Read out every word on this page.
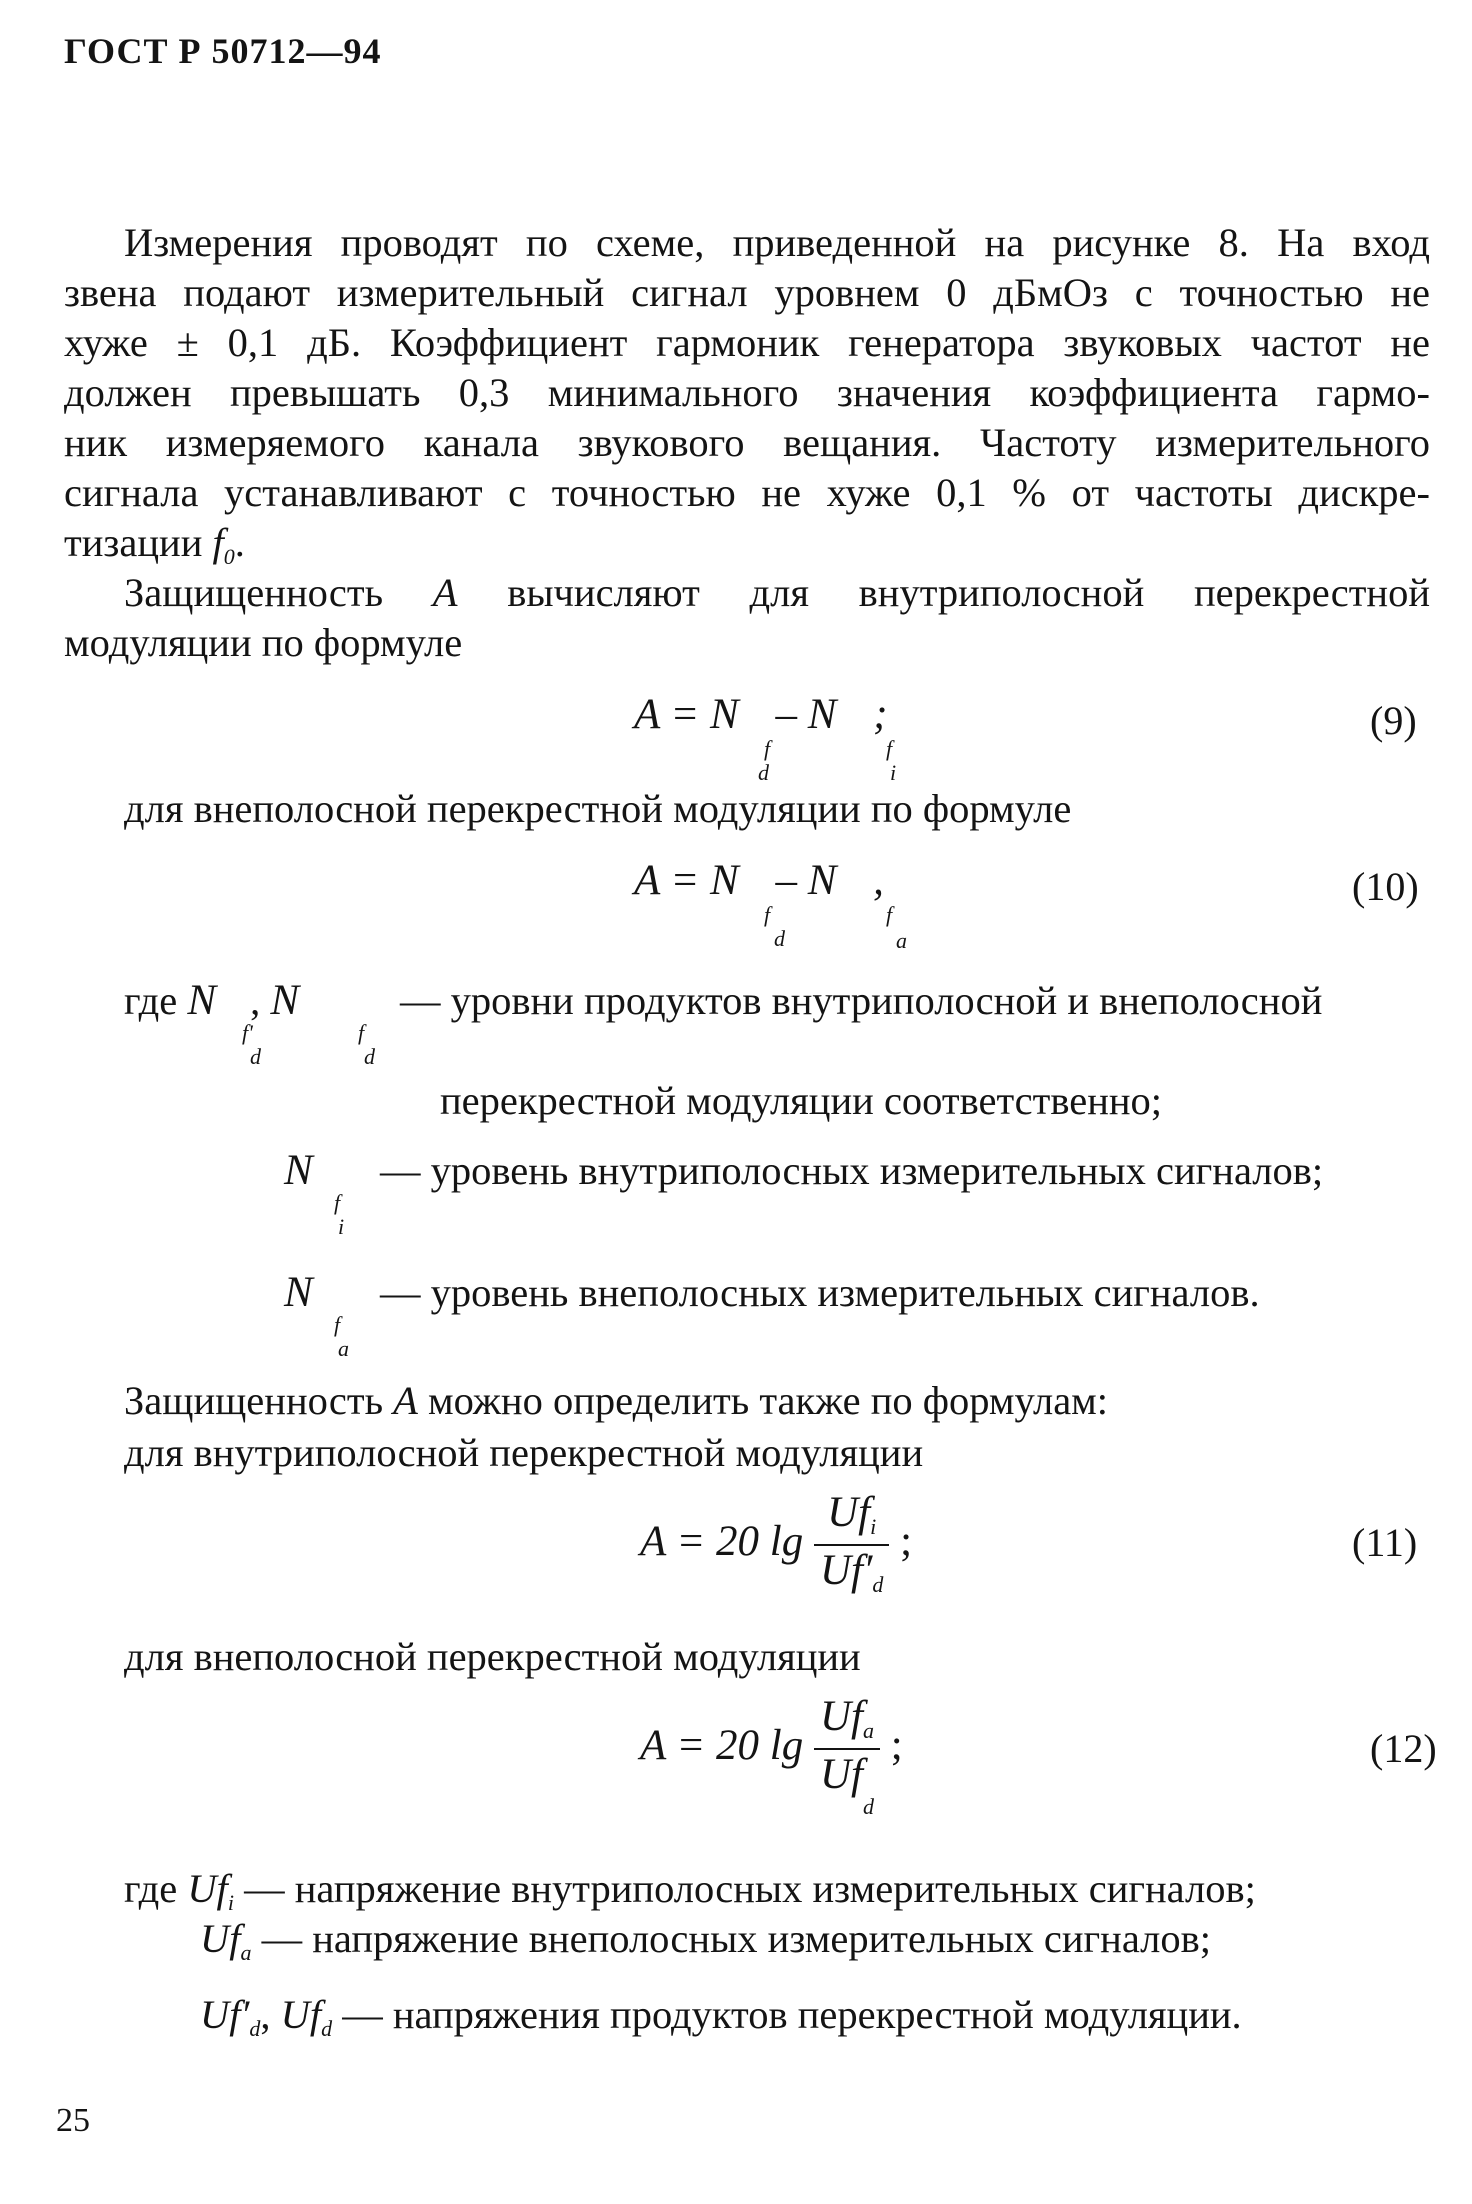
ГОСТ Р 50712—94
Измерения проводят по схеме, приведенной на рисунке 8. На вход
звена подают измерительный сигнал уровнем 0 дБмОз с точностью не
хуже ± 0,1 дБ. Коэффициент гармоник генератора звуковых частот не
должен превышать 0,3 минимального значения коэффициента гармо-
ник измеряемого канала звукового вещания. Частоту измерительного
сигнала устанавливают с точностью не хуже 0,1 % от частоты дискре-
тизации f0.
Защищенность A вычисляют для внутриполосной перекрестной
модуляции по формуле
A = N – N ;
f
d
f
i
(9)
для внеполосной перекрестной модуляции по формуле
A = N – N ,
f
d
f
a
(10)
где N , N
f'
d
f
d
— уровни продуктов внутриполосной и внеполосной
перекрестной модуляции соответственно;
N
f
i
— уровень внутриполосных измерительных сигналов;
N
f
a
— уровень внеполосных измерительных сигналов.
Защищенность A можно определить также по формулам:
для внутриполосной перекрестной модуляции
A = 20 $\lg \frac{\text{Ufi}}{Uf'd}$ ;	(11)
для внеполосной перекрестной модуляции
A = 20 $\lg \frac{\text{Ufa}}{Uf_d}$ ;	(12)
где Ufi — напряжение внутриполосных измерительных сигналов;
Ufa — напряжение внеполосных измерительных сигналов;
Uf′d, Ufd — напряжения продуктов перекрестной модуляции.
25
